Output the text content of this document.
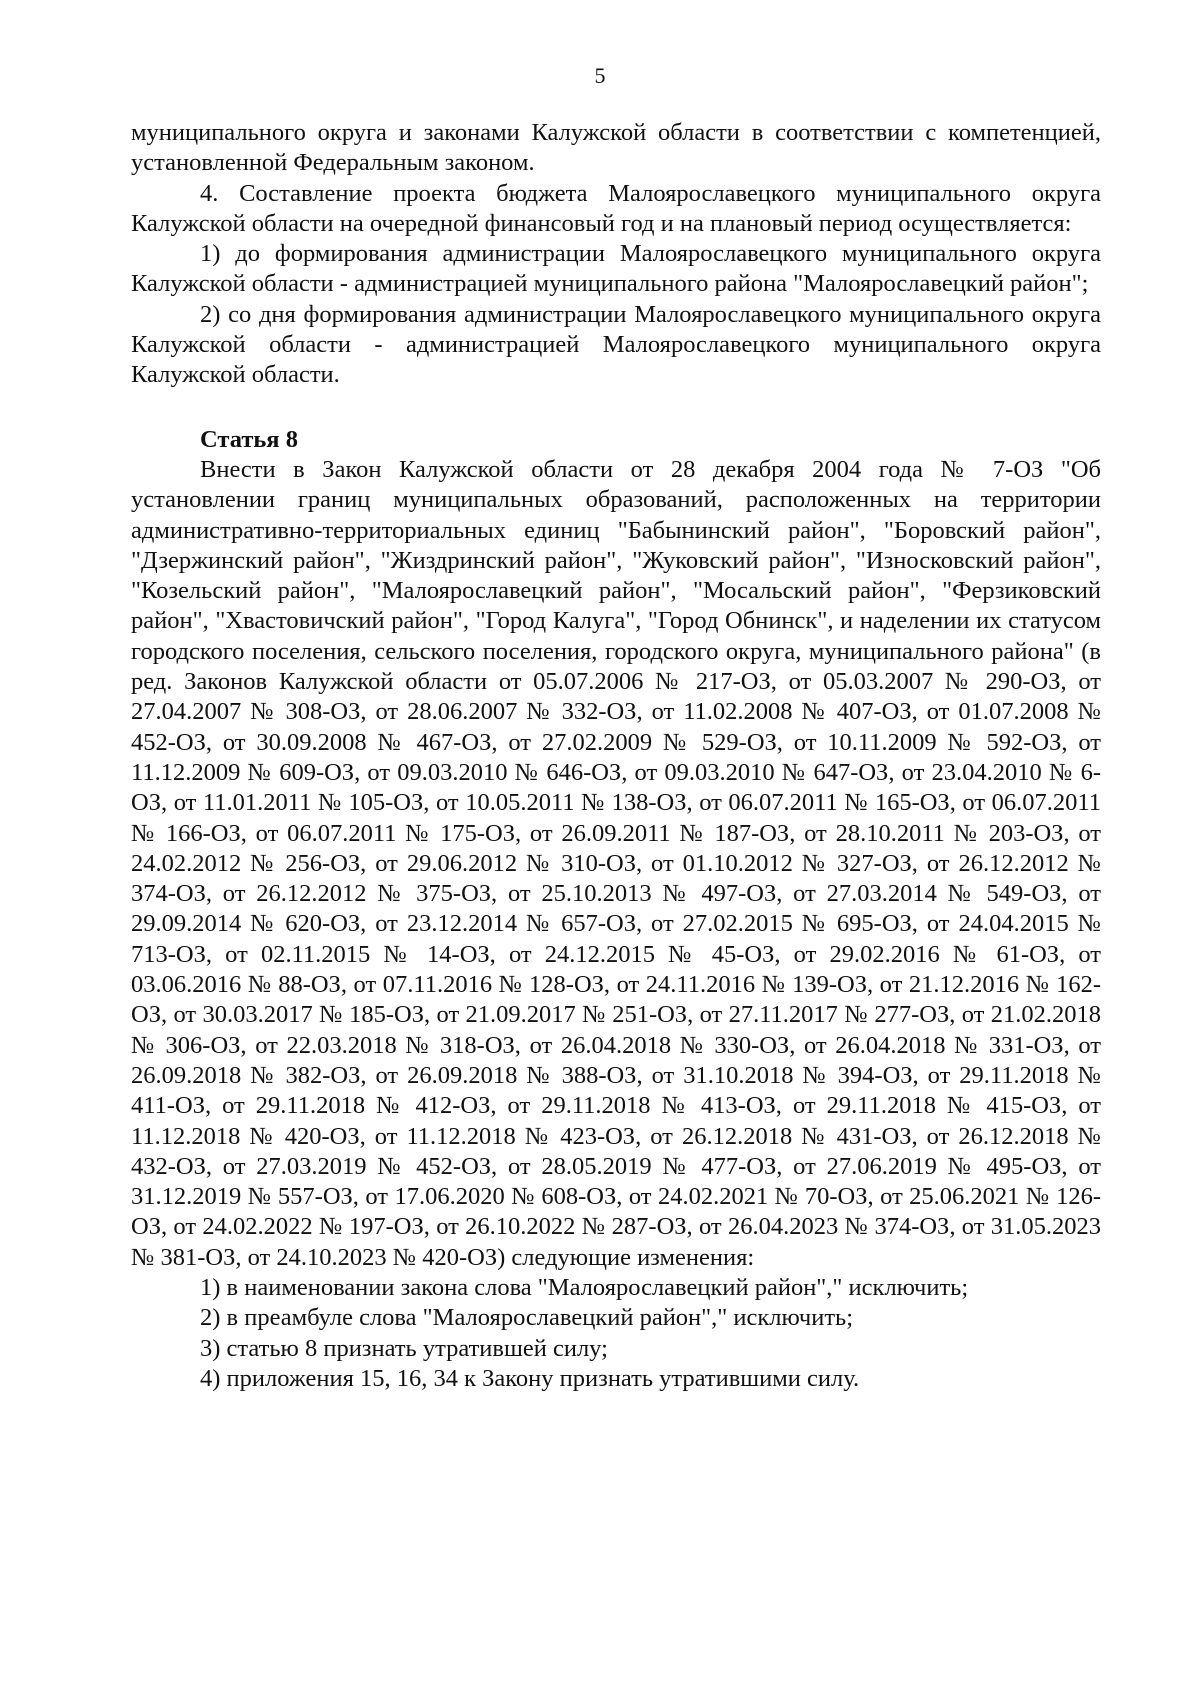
5

муниципального округа и законами Калужской области в соответствии с компетенцией, установленной Федеральным законом.

4. Составление проекта бюджета Малоярославецкого муниципального округа Калужской области на очередной финансовый год и на плановый период осуществляется:

1) до формирования администрации Малоярославецкого муниципального округа Калужской области - администрацией муниципального района "Малоярославецкий район";

2) со дня формирования администрации Малоярославецкого муниципального округа Калужской области - администрацией Малоярославецкого муниципального округа Калужской области.

Статья 8

Внести в Закон Калужской области от 28 декабря 2004 года № 7-ОЗ "Об установлении границ муниципальных образований, расположенных на территории административно-территориальных единиц "Бабынинский район", "Боровский район", "Дзержинский район", "Жиздринский район", "Жуковский район", "Износковский район", "Козельский район", "Малоярославецкий район", "Мосальский район", "Ферзиковский район", "Хвастовичский район", "Город Калуга", "Город Обнинск", и наделении их статусом городского поселения, сельского поселения, городского округа, муниципального района" (в ред. Законов Калужской области от 05.07.2006 № 217-ОЗ, от 05.03.2007 № 290-ОЗ, от 27.04.2007 № 308-ОЗ, от 28.06.2007 № 332-ОЗ, от 11.02.2008 № 407-ОЗ, от 01.07.2008 № 452-ОЗ, от 30.09.2008 № 467-ОЗ, от 27.02.2009 № 529-ОЗ, от 10.11.2009 № 592-ОЗ, от 11.12.2009 № 609-ОЗ, от 09.03.2010 № 646-ОЗ, от 09.03.2010 № 647-ОЗ, от 23.04.2010 № 6-ОЗ, от 11.01.2011 № 105-ОЗ, от 10.05.2011 № 138-ОЗ, от 06.07.2011 № 165-ОЗ, от 06.07.2011 № 166-ОЗ, от 06.07.2011 № 175-ОЗ, от 26.09.2011 № 187-ОЗ, от 28.10.2011 № 203-ОЗ, от 24.02.2012 № 256-ОЗ, от 29.06.2012 № 310-ОЗ, от 01.10.2012 № 327-ОЗ, от 26.12.2012 № 374-ОЗ, от 26.12.2012 № 375-ОЗ, от 25.10.2013 № 497-ОЗ, от 27.03.2014 № 549-ОЗ, от 29.09.2014 № 620-ОЗ, от 23.12.2014 № 657-ОЗ, от 27.02.2015 № 695-ОЗ, от 24.04.2015 № 713-ОЗ, от 02.11.2015 № 14-ОЗ, от 24.12.2015 № 45-ОЗ, от 29.02.2016 № 61-ОЗ, от 03.06.2016 № 88-ОЗ, от 07.11.2016 № 128-ОЗ, от 24.11.2016 № 139-ОЗ, от 21.12.2016 № 162-ОЗ, от 30.03.2017 № 185-ОЗ, от 21.09.2017 № 251-ОЗ, от 27.11.2017 № 277-ОЗ, от 21.02.2018 № 306-ОЗ, от 22.03.2018 № 318-ОЗ, от 26.04.2018 № 330-ОЗ, от 26.04.2018 № 331-ОЗ, от 26.09.2018 № 382-ОЗ, от 26.09.2018 № 388-ОЗ, от 31.10.2018 № 394-ОЗ, от 29.11.2018 № 411-ОЗ, от 29.11.2018 № 412-ОЗ, от 29.11.2018 № 413-ОЗ, от 29.11.2018 № 415-ОЗ, от 11.12.2018 № 420-ОЗ, от 11.12.2018 № 423-ОЗ, от 26.12.2018 № 431-ОЗ, от 26.12.2018 № 432-ОЗ, от 27.03.2019 № 452-ОЗ, от 28.05.2019 № 477-ОЗ, от 27.06.2019 № 495-ОЗ, от 31.12.2019 № 557-ОЗ, от 17.06.2020 № 608-ОЗ, от 24.02.2021 № 70-ОЗ, от 25.06.2021 № 126-ОЗ, от 24.02.2022 № 197-ОЗ, от 26.10.2022 № 287-ОЗ, от 26.04.2023 № 374-ОЗ, от 31.05.2023 № 381-ОЗ, от 24.10.2023 № 420-ОЗ) следующие изменения:

1) в наименовании закона слова "Малоярославецкий район"," исключить;

2) в преамбуле слова "Малоярославецкий район"," исключить;

3) статью 8 признать утратившей силу;

4) приложения 15, 16, 34 к Закону признать утратившими силу.
